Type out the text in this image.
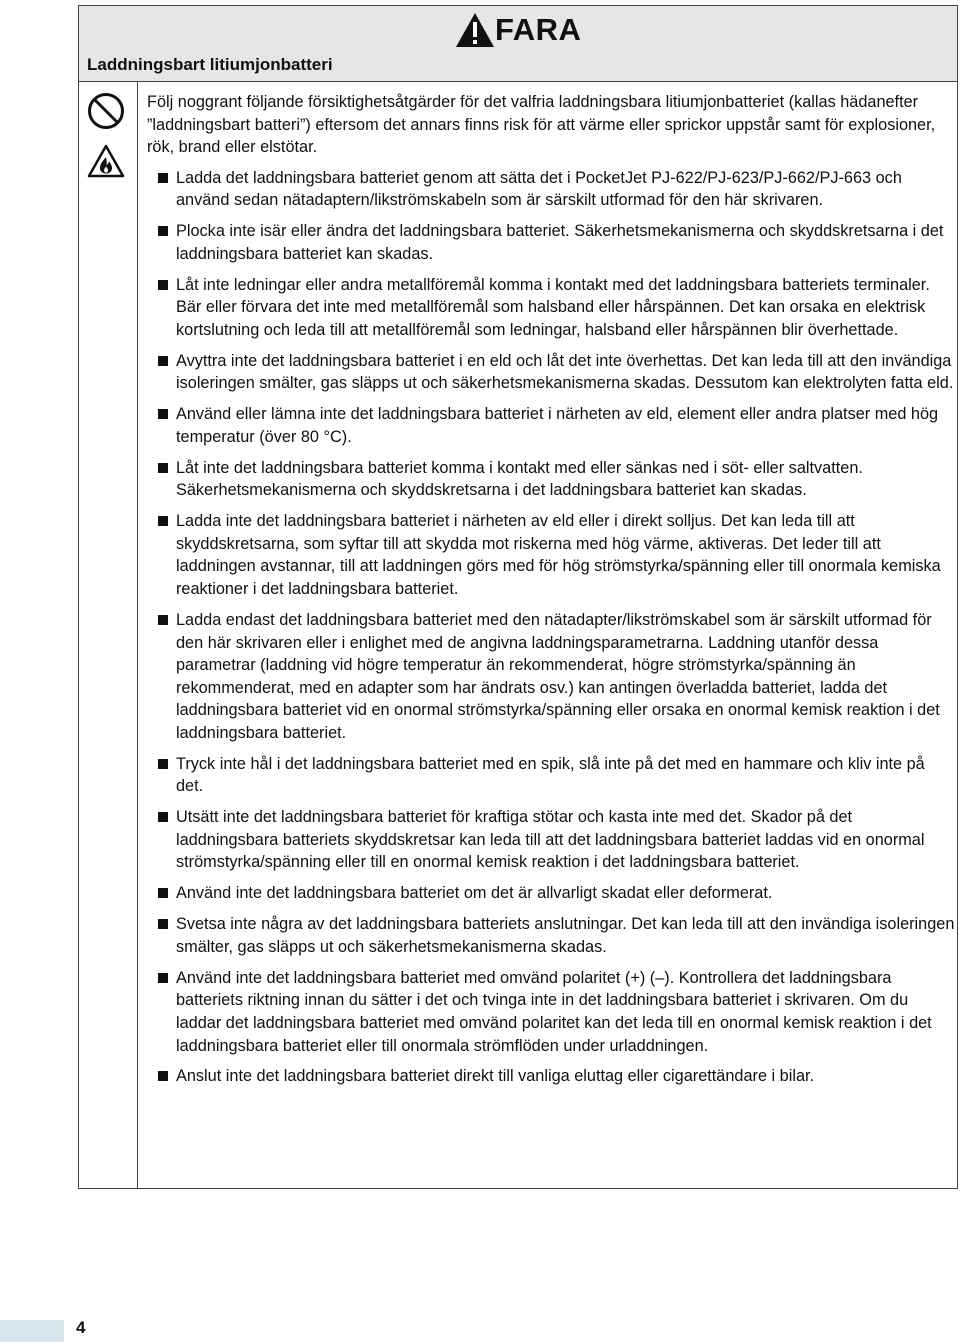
FARA
Laddningsbart litiumjonbatteri

Följ noggrant följande försiktighetsåtgärder för det valfria laddningsbara litiumjonbatteriet (kallas hädanefter ”laddningsbart batteri”) eftersom det annars finns risk för att värme eller sprickor uppstår samt för explosioner, rök, brand eller elstötar.

Ladda det laddningsbara batteriet genom att sätta det i PocketJet PJ-622/PJ-623/PJ-662/PJ-663 och använd sedan nätadaptern/likströmskabeln som är särskilt utformad för den här skrivaren.
Plocka inte isär eller ändra det laddningsbara batteriet. Säkerhetsmekanismerna och skyddskretsarna i det laddningsbara batteriet kan skadas.
Låt inte ledningar eller andra metallföremål komma i kontakt med det laddningsbara batteriets terminaler. Bär eller förvara det inte med metallföremål som halsband eller hårspännen. Det kan orsaka en elektrisk kortslutning och leda till att metallföremål som ledningar, halsband eller hårspännen blir överhettade.
Avyttra inte det laddningsbara batteriet i en eld och låt det inte överhettas. Det kan leda till att den invändiga isoleringen smälter, gas släpps ut och säkerhetsmekanismerna skadas. Dessutom kan elektrolyten fatta eld.
Använd eller lämna inte det laddningsbara batteriet i närheten av eld, element eller andra platser med hög temperatur (över 80 °C).
Låt inte det laddningsbara batteriet komma i kontakt med eller sänkas ned i söt- eller saltvatten. Säkerhetsmekanismerna och skyddskretsarna i det laddningsbara batteriet kan skadas.
Ladda inte det laddningsbara batteriet i närheten av eld eller i direkt solljus. Det kan leda till att skyddskretsarna, som syftar till att skydda mot riskerna med hög värme, aktiveras. Det leder till att laddningen avstannar, till att laddningen görs med för hög strömstyrka/spänning eller till onormala kemiska reaktioner i det laddningsbara batteriet.
Ladda endast det laddningsbara batteriet med den nätadapter/likströmskabel som är särskilt utformad för den här skrivaren eller i enlighet med de angivna laddningsparametrarna. Laddning utanför dessa parametrar (laddning vid högre temperatur än rekommenderat, högre strömstyrka/spänning än rekommenderat, med en adapter som har ändrats osv.) kan antingen överladda batteriet, ladda det laddningsbara batteriet vid en onormal strömstyrka/spänning eller orsaka en onormal kemisk reaktion i det laddningsbara batteriet.
Tryck inte hål i det laddningsbara batteriet med en spik, slå inte på det med en hammare och kliv inte på det.
Utsätt inte det laddningsbara batteriet för kraftiga stötar och kasta inte med det. Skador på det laddningsbara batteriets skyddskretsar kan leda till att det laddningsbara batteriet laddas vid en onormal strömstyrka/spänning eller till en onormal kemisk reaktion i det laddningsbara batteriet.
Använd inte det laddningsbara batteriet om det är allvarligt skadat eller deformerat.
Svetsa inte några av det laddningsbara batteriets anslutningar. Det kan leda till att den invändiga isoleringen smälter, gas släpps ut och säkerhetsmekanismerna skadas.
Använd inte det laddningsbara batteriet med omvänd polaritet (+) (–). Kontrollera det laddningsbara batteriets riktning innan du sätter i det och tvinga inte in det laddningsbara batteriet i skrivaren. Om du laddar det laddningsbara batteriet med omvänd polaritet kan det leda till en onormal kemisk reaktion i det laddningsbara batteriet eller till onormala strömflöden under urladdningen.
Anslut inte det laddningsbara batteriet direkt till vanliga eluttag eller cigarettändare i bilar.
4
